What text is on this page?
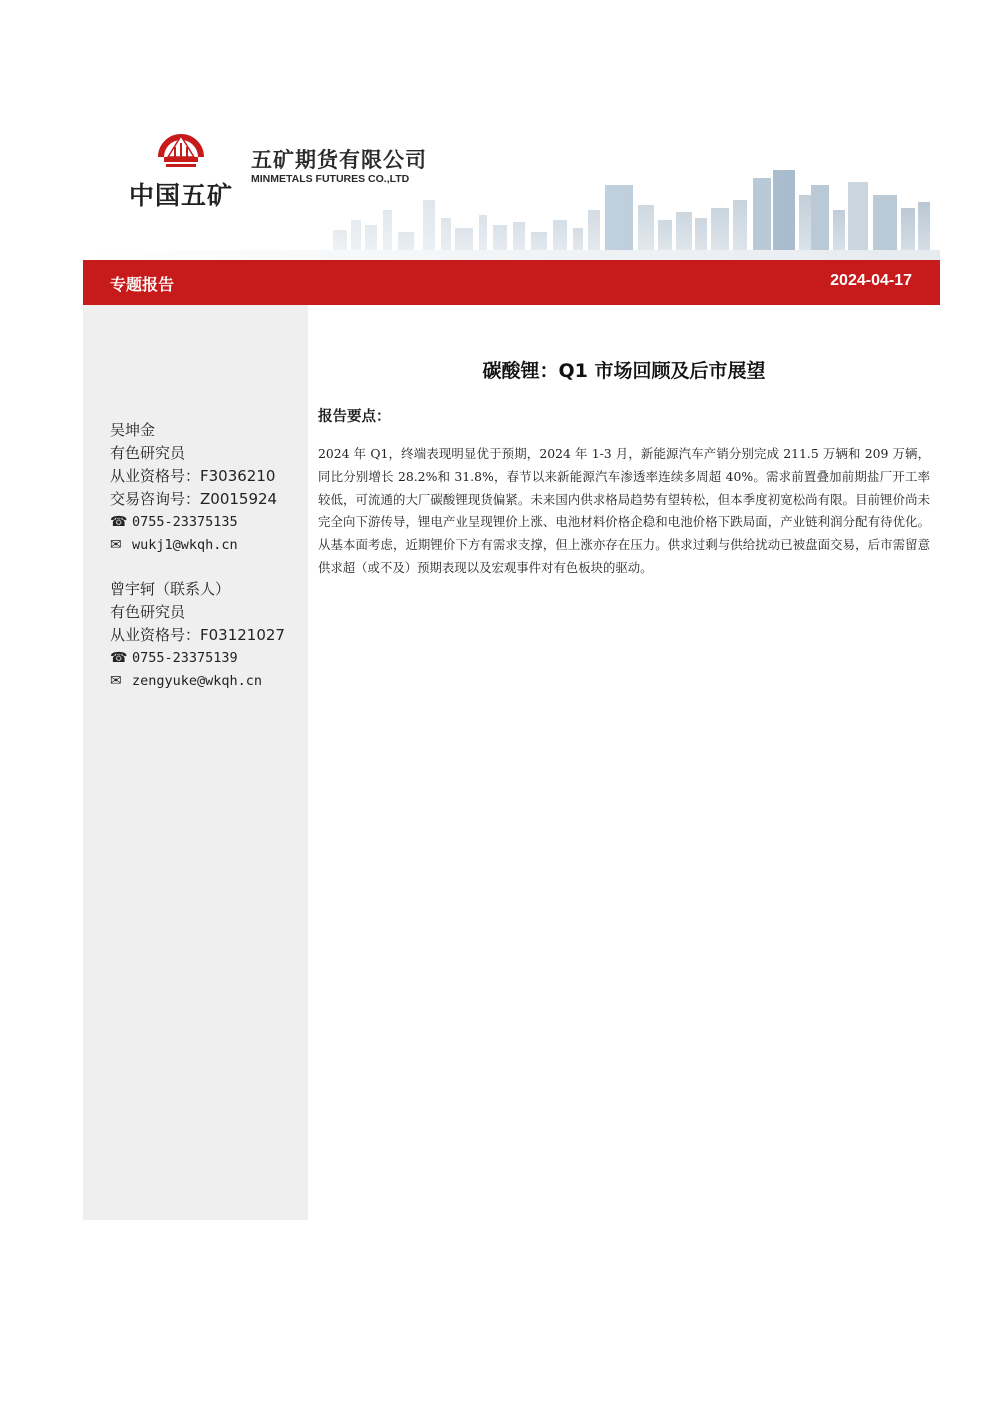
中国五矿
五矿期货有限公司
MINMETALS FUTURES CO.,LTD
专题报告	2024-04-17
吴坤金
有色研究员
从业资格号：F3036210
交易咨询号：Z0015924
☎ 0755-23375135
✉ wukj1@wkqh.cn
曾宇轲（联系人）
有色研究员
从业资格号：F03121027
☎ 0755-23375139
✉ zengyuke@wkqh.cn
碳酸锂：Q1 市场回顾及后市展望
报告要点：
2024 年 Q1，终端表现明显优于预期，2024 年 1-3 月，新能源汽车产销分别完成 211.5 万辆和 209 万辆，同比分别增长 28.2%和 31.8%，春节以来新能源汽车渗透率连续多周超 40%。需求前置叠加前期盐厂开工率较低，可流通的大厂碳酸锂现货偏紧。未来国内供求格局趋势有望转松，但本季度初宽松尚有限。目前锂价尚未完全向下游传导，锂电产业呈现锂价上涨、电池材料价格企稳和电池价格下跌局面，产业链利润分配有待优化。从基本面考虑，近期锂价下方有需求支撑，但上涨亦存在压力。供求过剩与供给扰动已被盘面交易，后市需留意供求超（或不及）预期表现以及宏观事件对有色板块的驱动。
